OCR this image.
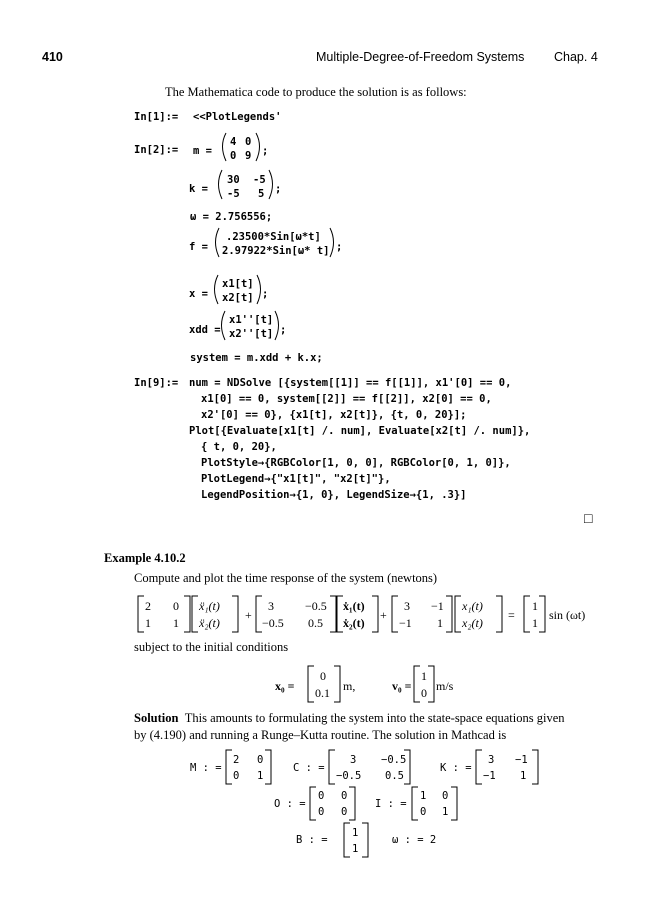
410	Multiple-Degree-of-Freedom Systems Chap. 4
The Mathematica code to produce the solution is as follows:
In[1]:= <<PlotLegends'
In[2]:= m =
4 0
0 9 ;
k =
30 -5
-5 5 ;
ω = 2.756556;
f =
.23500*Sin[ω*t]
2.97922*Sin[ω* t] ;
x =
x1[t]
x2[t] ;
xdd =
x1''[t]
x2''[t] ;
system = m.xdd + k.x;
In[9]:= num = NDSolve [{system[[1]] == f[[1]], x1'[0] == 0,
x1[0] == 0, system[[2]] == f[[2]], x2[0] == 0,
x2'[0] == 0}, {x1[t], x2[t]}, {t, 0, 20}];
Plot[{Evaluate[x1[t] /. num], Evaluate[x2[t] /. num]},
{ t, 0, 20},
PlotStyle→{RGBColor[1, 0, 0], RGBColor[0, 1, 0]},
PlotLegend→{"x1[t]", "x2[t]"},
LegendPosition→{1, 0}, LegendSize→{1, .3}]
□
Example 4.10.2
Compute and plot the time response of the system (newtons)
2 0
1 1
ẍ₁(t)
ẍ₂(t)
+
3	−0.5
−0.5 0.5
ẋ₁(t)
ẋ₂(t)
+
3 −1
−1 1
x₁(t)
x₂(t)
=
1
1
sin (ωt)
subject to the initial conditions
x₀ =
0
0.1 m,	v₀ =
1
0 m/s
Solution This amounts to formulating the system into the state-space equations given
by (4.190) and running a Runge–Kutta routine. The solution in Mathcad is
M : =
2 0
0 1
C : =
3 −0.5
−0.5 0.5
K : =
3 −1
−1 1
O : =
0 0
0 0
I : =
1 0
0 1
B : =
1
1
ω : = 2
